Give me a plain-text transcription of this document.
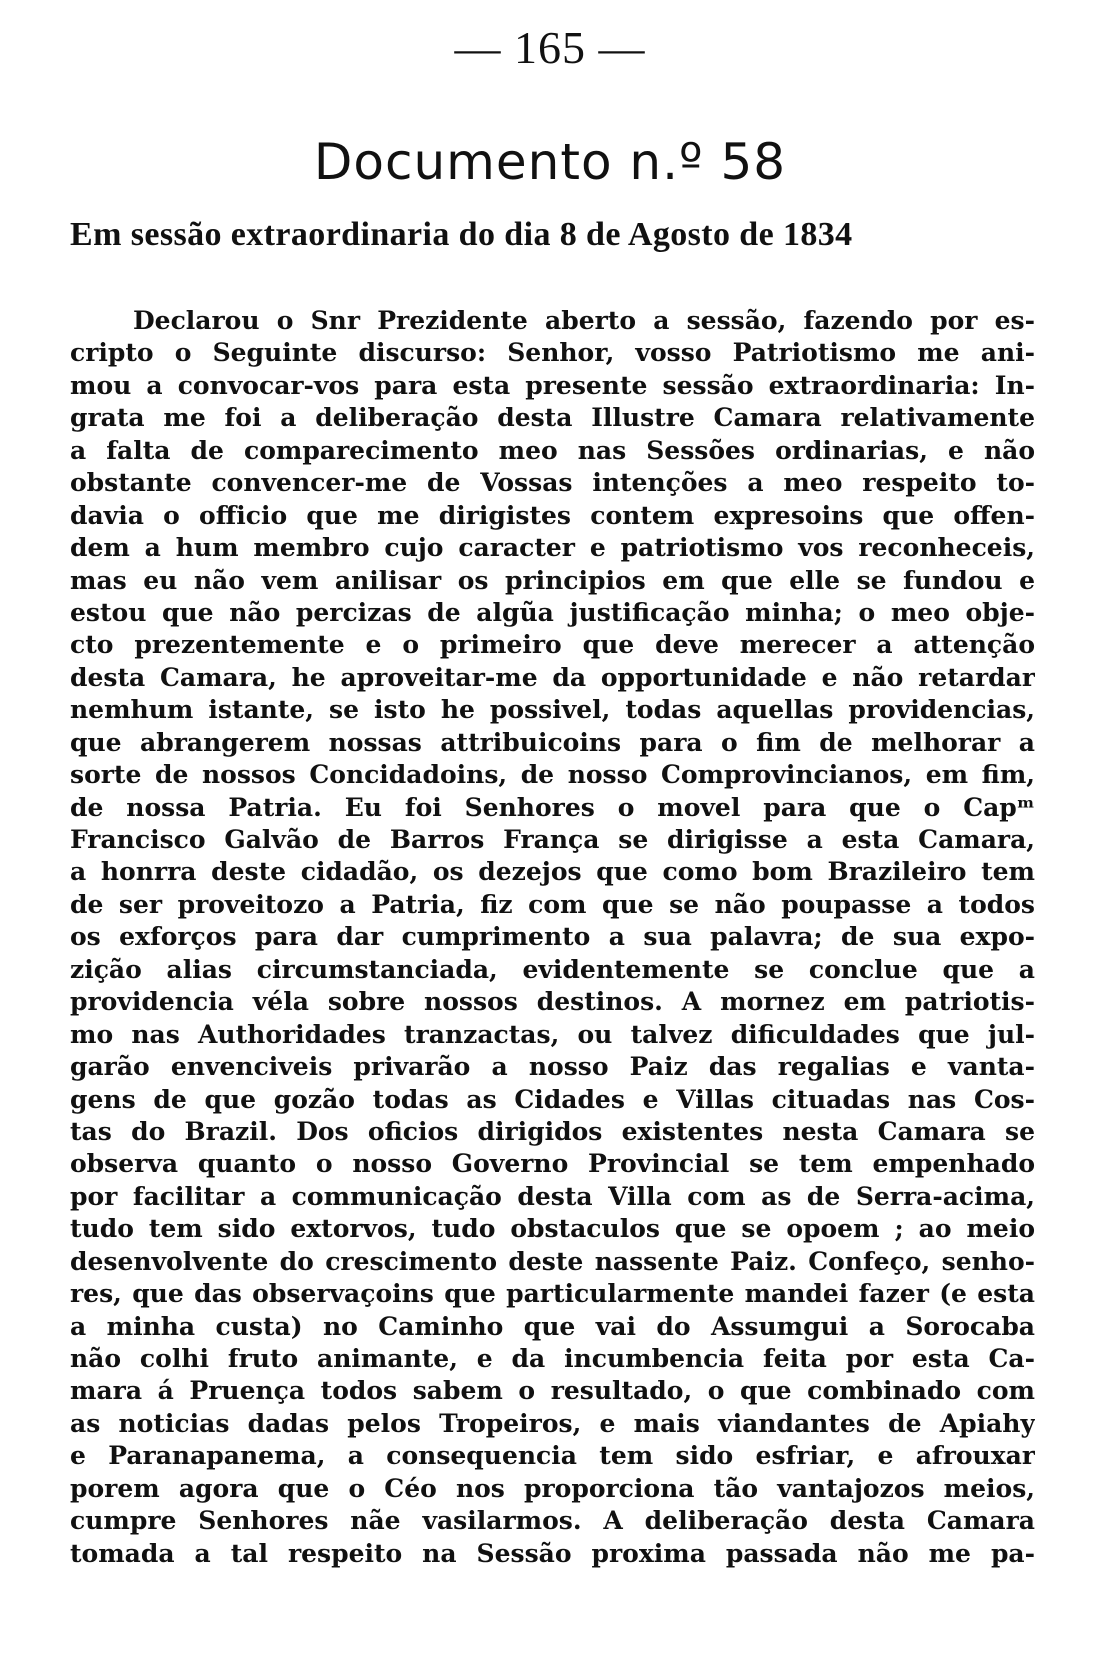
— 165 —
Documento n.º 58
Em sessão extraordinaria do dia 8 de Agosto de 1834
Declarou o Snr Prezidente aberto a sessão, fazendo por es-
cripto o Seguinte discurso: Senhor, vosso Patriotismo me ani-
mou a convocar-vos para esta presente sessão extraordinaria: In-
grata me foi a deliberação desta Illustre Camara relativamente
a falta de comparecimento meo nas Sessões ordinarias, e não
obstante convencer-me de Vossas intenções a meo respeito to-
davia o officio que me dirigistes contem expresoins que offen-
dem a hum membro cujo caracter e patriotismo vos reconheceis,
mas eu não vem anilisar os principios em que elle se fundou e
estou que não percizas de algũa justificação minha; o meo obje-
cto prezentemente e o primeiro que deve merecer a attenção
desta Camara, he aproveitar-me da opportunidade e não retardar
nemhum istante, se isto he possivel, todas aquellas providencias,
que abrangerem nossas attribuicoins para o fim de melhorar a
sorte de nossos Concidadoins, de nosso Comprovincianos, em fim,
de nossa Patria. Eu foi Senhores o movel para que o Capᵐ
Francisco Galvão de Barros França se dirigisse a esta Camara,
a honrra deste cidadão, os dezejos que como bom Brazileiro tem
de ser proveitozo a Patria, fiz com que se não poupasse a todos
os exforços para dar cumprimento a sua palavra; de sua expo-
zição alias circumstanciada, evidentemente se conclue que a
providencia véla sobre nossos destinos. A mornez em patriotis-
mo nas Authoridades tranzactas, ou talvez dificuldades que jul-
garão envenciveis privarão a nosso Paiz das regalias e vanta-
gens de que gozão todas as Cidades e Villas cituadas nas Cos-
tas do Brazil. Dos oficios dirigidos existentes nesta Camara se
observa quanto o nosso Governo Provincial se tem empenhado
por facilitar a communicação desta Villa com as de Serra-acima,
tudo tem sido extorvos, tudo obstaculos que se opoem ; ao meio
desenvolvente do crescimento deste nassente Paiz. Confeço, senho-
res, que das observaçoins que particularmente mandei fazer (e esta
a minha custa) no Caminho que vai do Assumgui a Sorocaba
não colhi fruto animante, e da incumbencia feita por esta Ca-
mara á Pruença todos sabem o resultado, o que combinado com
as noticias dadas pelos Tropeiros, e mais viandantes de Apiahy
e Paranapanema, a consequencia tem sido esfriar, e afrouxar
porem agora que o Céo nos proporciona tão vantajozos meios,
cumpre Senhores nãe vasilarmos. A deliberação desta Camara
tomada a tal respeito na Sessão proxima passada não me pa-
